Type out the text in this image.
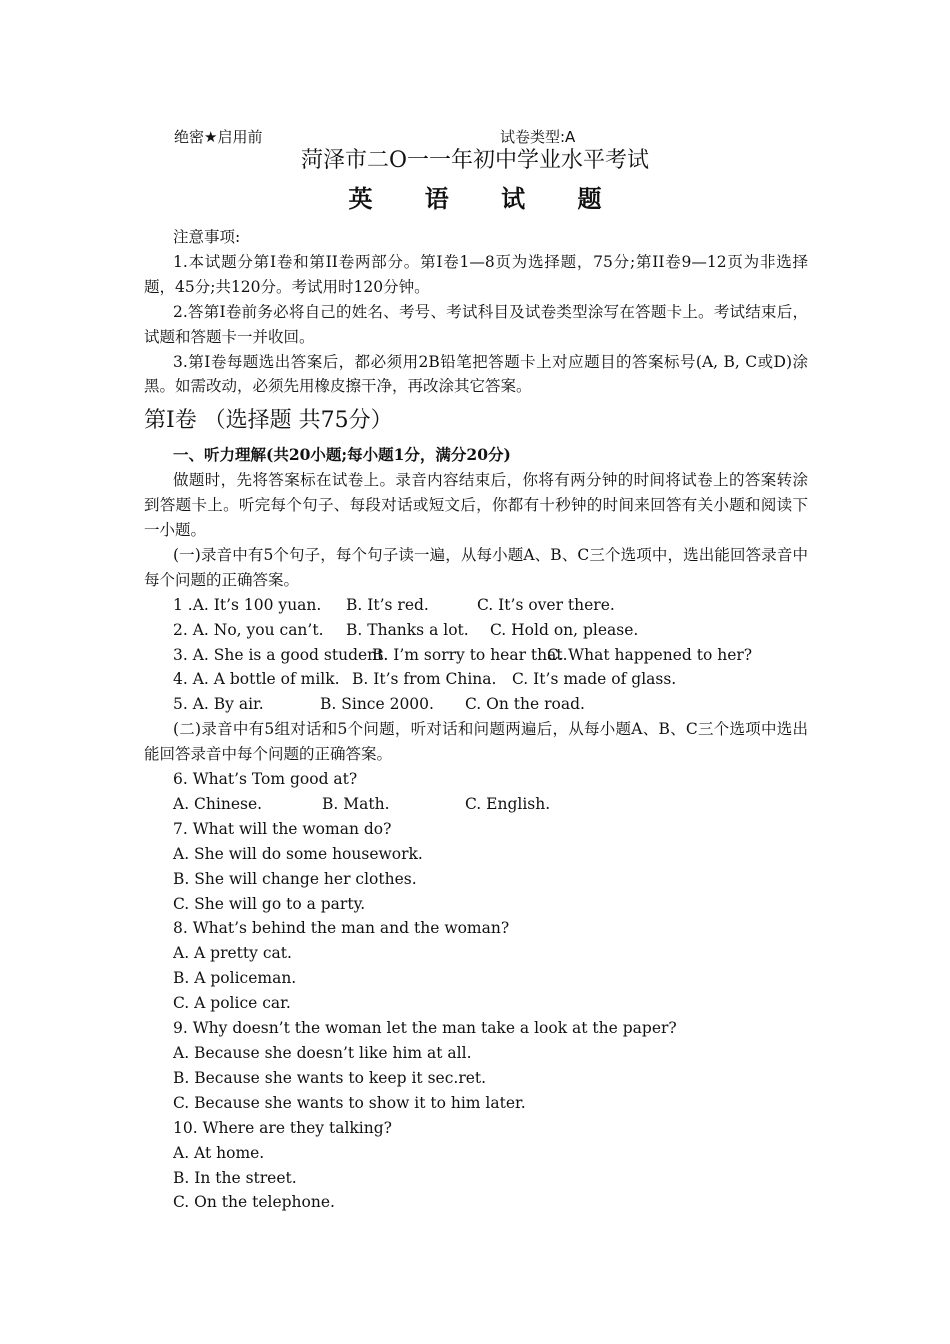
绝密★启用前	试卷类型:A
菏泽市二O一一年初中学业水平考试
英 语 试 题

注意事项:

1.本试题分第I卷和第II卷两部分。第I卷1—8页为选择题，75分;第II卷9—12页为非选择题，45分;共120分。考试用时120分钟。

2.答第I卷前务必将自己的姓名、考号、考试科目及试卷类型涂写在答题卡上。考试结束后，试题和答题卡一并收回。

3.第I卷每题选出答案后，都必须用2B铅笔把答题卡上对应题目的答案标号(A, B, C或D)涂黑。如需改动，必须先用橡皮擦干净，再改涂其它答案。

第I卷 （选择题 共75分）

一、听力理解(共20小题;每小题1分，满分20分)

做题时，先将答案标在试卷上。录音内容结束后，你将有两分钟的时间将试卷上的答案转涂到答题卡上。听完每个句子、每段对话或短文后，你都有十秒钟的时间来回答有关小题和阅读下一小题。

(一)录音中有5个句子，每个句子读一遍，从每小题A、B、C三个选项中，选出能回答录音中每个问题的正确答案。

1 .A. It’s 100 yuan. B. It’s red.	C. It’s over there.
2. A. No, you can’t. B. Thanks a lot. C. Hold on, please.
3. A. She is a good student.
B. I’m sorry to hear that.
C. What happened to her?
4. A. A bottle of milk. B. It’s from China. C. It’s made of glass.
5. A. By air.	B. Since 2000. C. On the road.

(二)录音中有5组对话和5个问题，听对话和问题两遍后，从每小题A、B、C三个选项中选出能回答录音中每个问题的正确答案。

6. What’s Tom good at?

A. Chinese.	B. Math.	C. English.

7. What will the woman do?

A. She will do some housework.

B. She will change her clothes.

C. She will go to a party.

8. What’s behind the man and the woman?

A. A pretty cat.

B. A policeman.

C. A police car.

9. Why doesn’t the woman let the man take a look at the paper?

A. Because she doesn’t like him at all.

B. Because she wants to keep it sec.ret.

C. Because she wants to show it to him later.

10. Where are they talking?

A. At home.

B. In the street.

C. On the telephone.
